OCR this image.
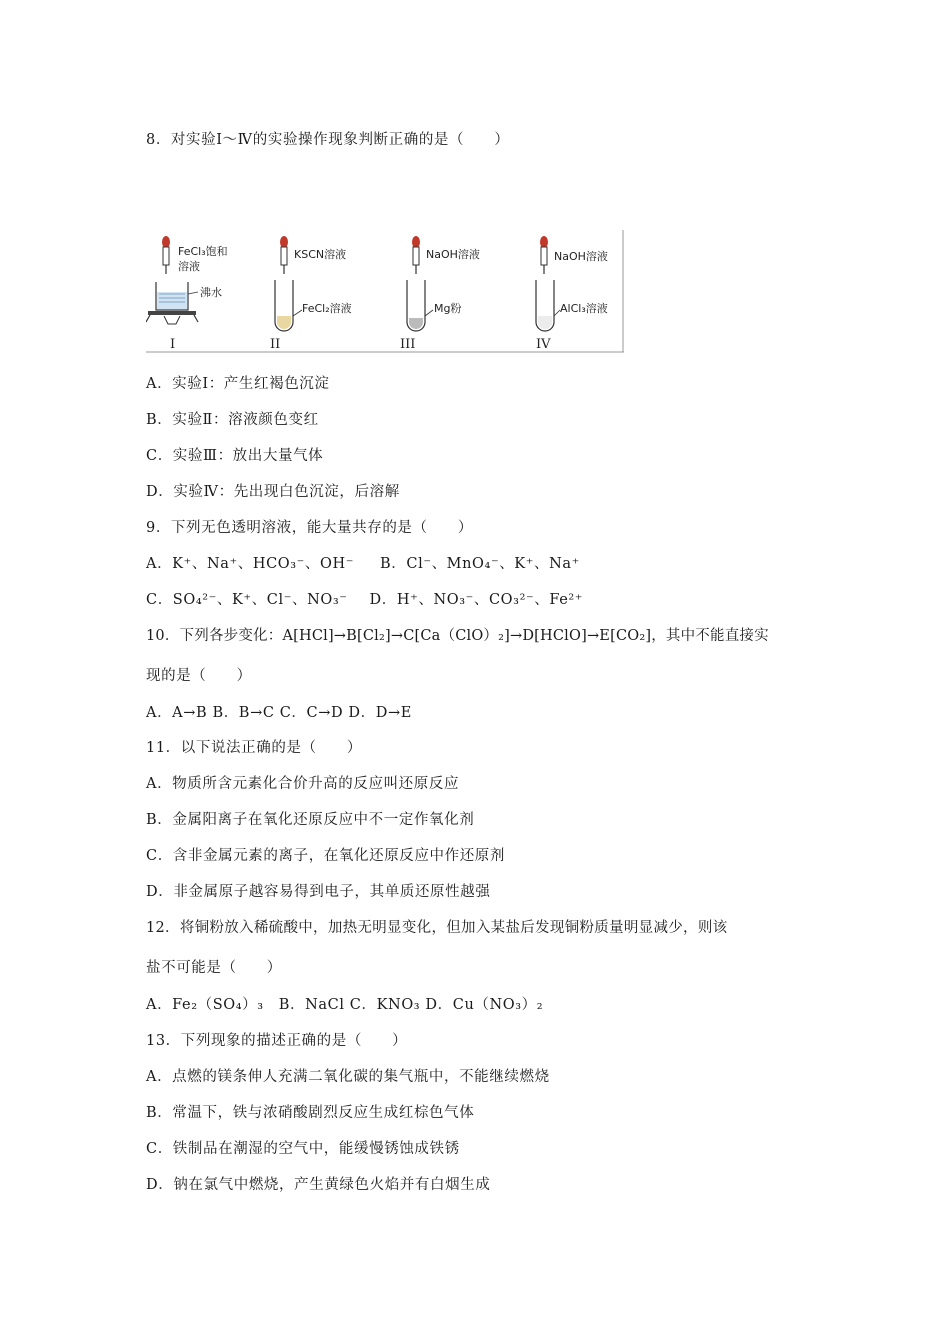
8．对实验Ⅰ～Ⅳ的实验操作现象判断正确的是（　　）
FeCl₃饱和
溶液
沸水
I
KSCN溶液
FeCl₂溶液
II
NaOH溶液
Mg粉
III
NaOH溶液
AlCl₃溶液
IV
A．实验Ⅰ：产生红褐色沉淀
B．实验Ⅱ：溶液颜色变红
C．实验Ⅲ：放出大量气体
D．实验Ⅳ：先出现白色沉淀，后溶解
9．下列无色透明溶液，能大量共存的是（　　）
A．K⁺、Na⁺、HCO₃⁻、OH⁻ B．Cl⁻、MnO₄⁻、K⁺、Na⁺
C．SO₄²⁻、K⁺、Cl⁻、NO₃⁻ D．H⁺、NO₃⁻、CO₃²⁻、Fe²⁺
10．下列各步变化：A[HCl]→B[Cl₂]→C[Ca（ClO）₂]→D[HClO]→E[CO₂]，其中不能直接实
现的是（　　）
A．A→B B．B→C C．C→D D．D→E
11．以下说法正确的是（　　）
A．物质所含元素化合价升高的反应叫还原反应
B．金属阳离子在氧化还原反应中不一定作氧化剂
C．含非金属元素的离子，在氧化还原反应中作还原剂
D．非金属原子越容易得到电子，其单质还原性越强
12．将铜粉放入稀硫酸中，加热无明显变化，但加入某盐后发现铜粉质量明显减少，则该
盐不可能是（　　）
A．Fe₂（SO₄）₃　B．NaCl C．KNO₃ D．Cu（NO₃）₂
13．下列现象的描述正确的是（　　）
A．点燃的镁条伸人充满二氧化碳的集气瓶中，不能继续燃烧
B．常温下，铁与浓硝酸剧烈反应生成红棕色气体
C．铁制品在潮湿的空气中，能缓慢锈蚀成铁锈
D．钠在氯气中燃烧，产生黄绿色火焰并有白烟生成
